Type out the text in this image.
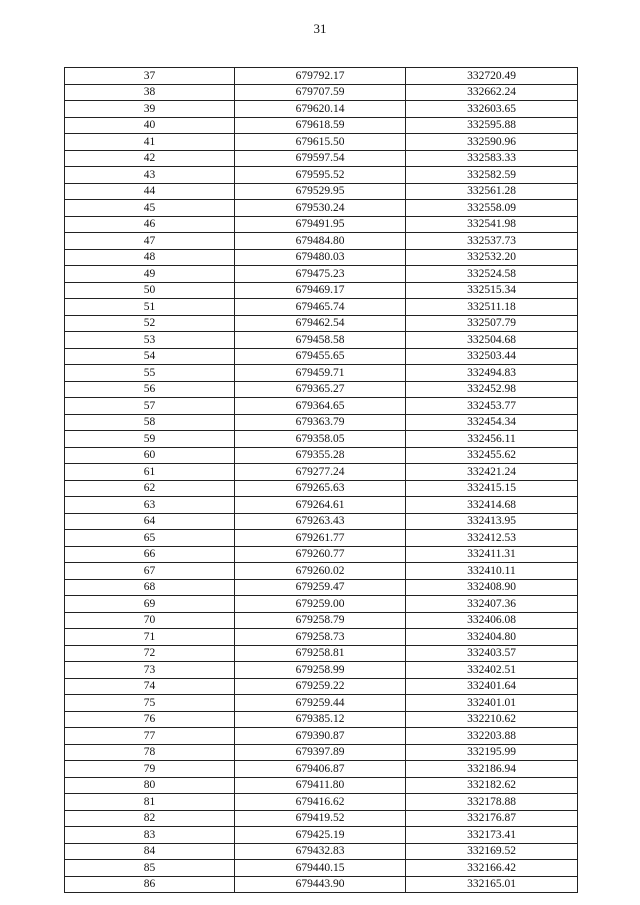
31
37	679792.17	332720.49
38	679707.59	332662.24
39	679620.14	332603.65
40	679618.59	332595.88
41	679615.50	332590.96
42	679597.54	332583.33
43	679595.52	332582.59
44	679529.95	332561.28
45	679530.24	332558.09
46	679491.95	332541.98
47	679484.80	332537.73
48	679480.03	332532.20
49	679475.23	332524.58
50	679469.17	332515.34
51	679465.74	332511.18
52	679462.54	332507.79
53	679458.58	332504.68
54	679455.65	332503.44
55	679459.71	332494.83
56	679365.27	332452.98
57	679364.65	332453.77
58	679363.79	332454.34
59	679358.05	332456.11
60	679355.28	332455.62
61	679277.24	332421.24
62	679265.63	332415.15
63	679264.61	332414.68
64	679263.43	332413.95
65	679261.77	332412.53
66	679260.77	332411.31
67	679260.02	332410.11
68	679259.47	332408.90
69	679259.00	332407.36
70	679258.79	332406.08
71	679258.73	332404.80
72	679258.81	332403.57
73	679258.99	332402.51
74	679259.22	332401.64
75	679259.44	332401.01
76	679385.12	332210.62
77	679390.87	332203.88
78	679397.89	332195.99
79	679406.87	332186.94
80	679411.80	332182.62
81	679416.62	332178.88
82	679419.52	332176.87
83	679425.19	332173.41
84	679432.83	332169.52
85	679440.15	332166.42
86	679443.90	332165.01
